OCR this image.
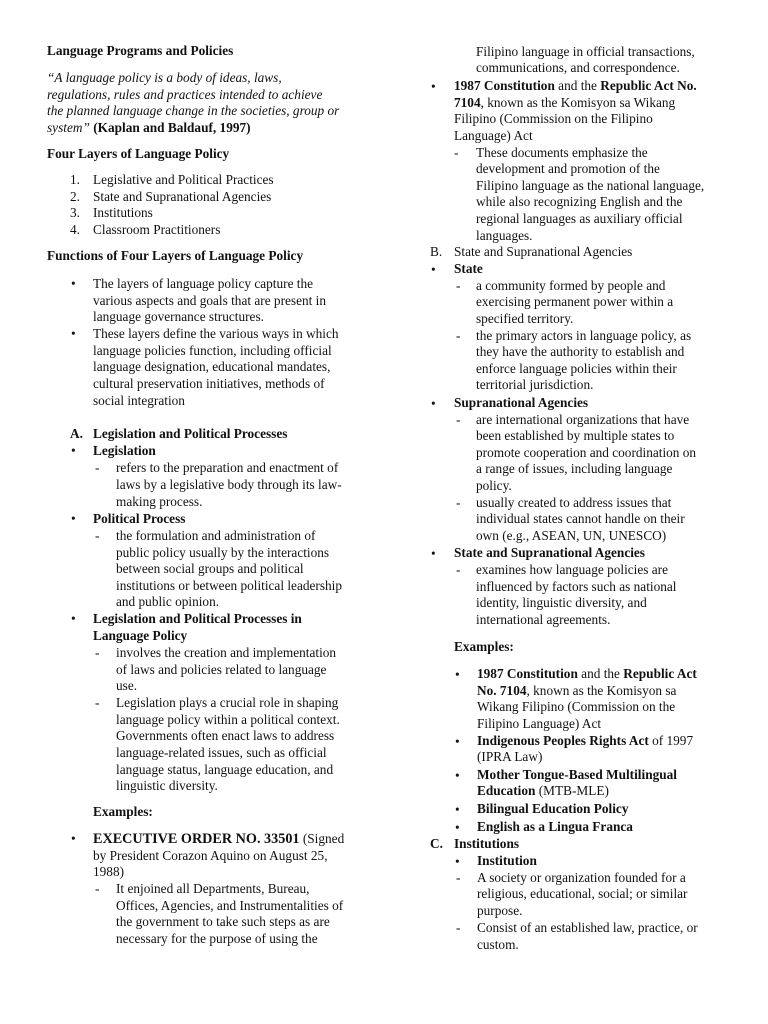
Language Programs and Policies

“A language policy is a body of ideas, laws,

regulations, rules and practices intended to achieve

the planned language change in the societies, group or

system” (Kaplan and Baldauf, 1997)

Four Layers of Language Policy

1. Legislative and Political Practices
2. State and Supranational Agencies
3. Institutions
4. Classroom Practitioners

Functions of Four Layers of Language Policy

• The layers of language policy capture the

various aspects and goals that are present in

language governance structures.

• These layers define the various ways in which

language policies function, including official

language designation, educational mandates,

cultural preservation initiatives, methods of

social integration

A. Legislation and Political Processes
• Legislation
- refers to the preparation and enactment of

laws by a legislative body through its law-

making process.

• Political Process
- the formulation and administration of

public policy usually by the interactions

between social groups and political

institutions or between political leadership

and public opinion.

• Legislation and Political Processes in
Language Policy
- involves the creation and implementation

of laws and policies related to language

use.

- Legislation plays a crucial role in shaping

language policy within a political context.

Governments often enact laws to address

language-related issues, such as official

language status, language education, and

linguistic diversity.

Examples:

• EXECUTIVE ORDER NO. 33501 (Signed

by President Corazon Aquino on August 25,

1988)

- It enjoined all Departments, Bureau,

Offices, Agencies, and Instrumentalities of

the government to take such steps as are

necessary for the purpose of using the

Filipino language in official transactions,

communications, and correspondence.

• 1987 Constitution and the Republic Act No.

7104, known as the Komisyon sa Wikang

Filipino (Commission on the Filipino

Language) Act

- These documents emphasize the

development and promotion of the

Filipino language as the national language,

while also recognizing English and the

regional languages as auxiliary official

languages.

B. State and Supranational Agencies
• State
- a community formed by people and

exercising permanent power within a

specified territory.

- the primary actors in language policy, as

they have the authority to establish and

enforce language policies within their

territorial jurisdiction.

• Supranational Agencies
- are international organizations that have

been established by multiple states to

promote cooperation and coordination on

a range of issues, including language

policy.

- usually created to address issues that

individual states cannot handle on their

own (e.g., ASEAN, UN, UNESCO)

• State and Supranational Agencies
- examines how language policies are

influenced by factors such as national

identity, linguistic diversity, and

international agreements.

Examples:

• 1987 Constitution and the Republic Act

No. 7104, known as the Komisyon sa

Wikang Filipino (Commission on the

Filipino Language) Act

• Indigenous Peoples Rights Act of 1997

(IPRA Law)

• Mother Tongue-Based Multilingual

Education (MTB-MLE)

• Bilingual Education Policy

• English as a Lingua Franca

C. Institutions
• Institution
- A society or organization founded for a

religious, educational, social; or similar

purpose.

- Consist of an established law, practice, or

custom.
